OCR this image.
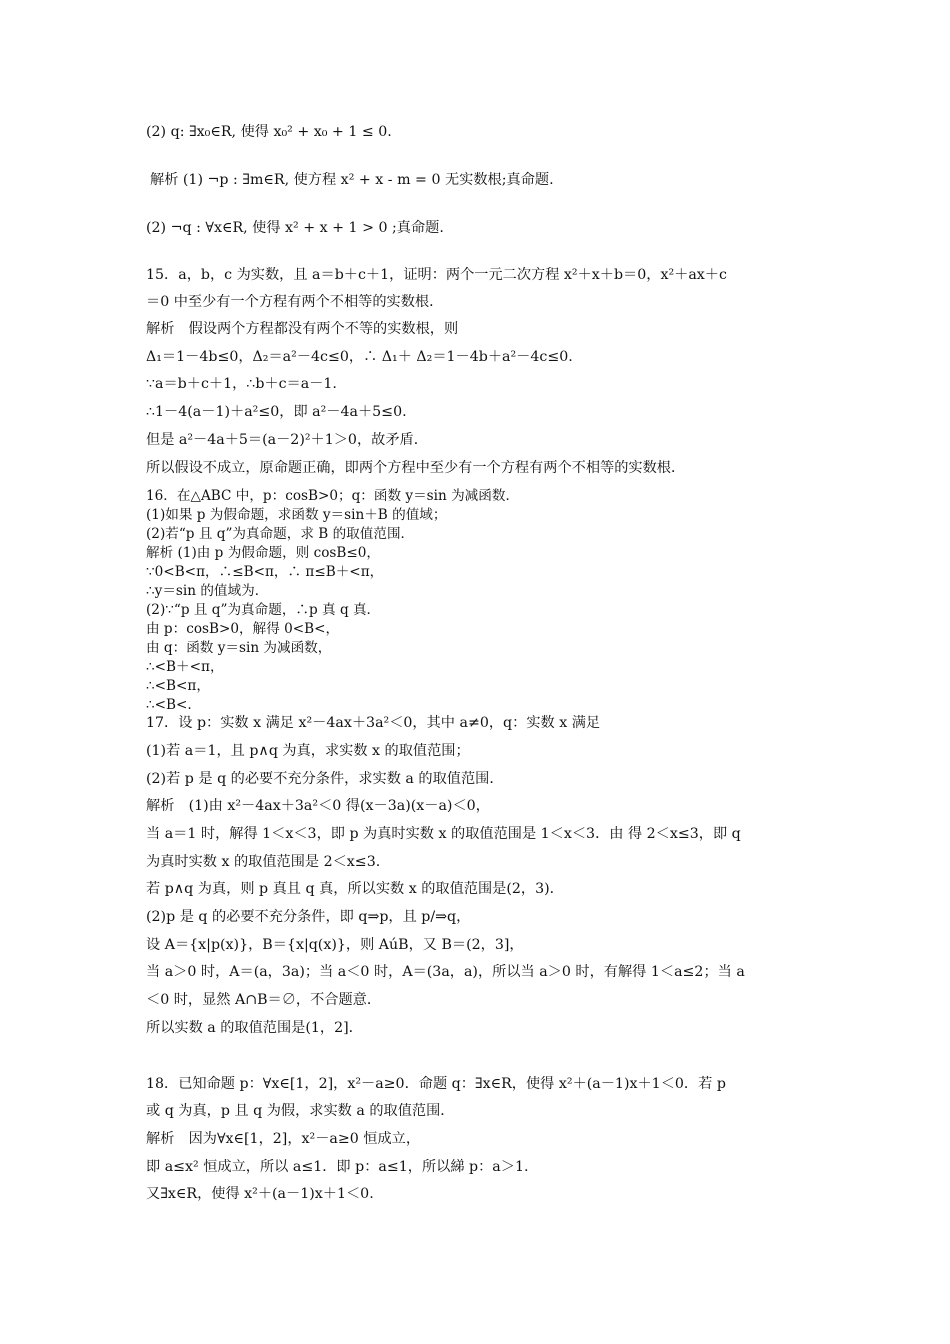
(2) q: ∃x₀∈R, 使得 x₀² + x₀ + 1 ≤ 0.
解析 (1) ¬p : ∃m∈R, 使方程 x² + x - m = 0 无实数根;真命题.
(2) ¬q : ∀x∈R, 使得 x² + x + 1 > 0 ;真命题.
15．a，b，c 为实数，且 a＝b＋c＋1，证明：两个一元二次方程 x²＋x＋b＝0，x²＋ax＋c
＝0 中至少有一个方程有两个不相等的实数根．
解析　假设两个方程都没有两个不等的实数根，则
Δ₁＝1－4b≤0，Δ₂＝a²－4c≤0，∴ Δ₁＋ Δ₂＝1－4b＋a²－4c≤0.
∵a＝b＋c＋1，∴b＋c＝a－1.
∴1－4(a－1)＋a²≤0，即 a²－4a＋5≤0.
但是 a²－4a＋5＝(a－2)²＋1＞0，故矛盾．
所以假设不成立，原命题正确，即两个方程中至少有一个方程有两个不相等的实数根．
16．在△ABC 中，p：cosB>0；q：函数 y＝sin 为减函数．
(1)如果 p 为假命题，求函数 y＝sin＋B 的值域；
(2)若“p 且 q”为真命题，求 B 的取值范围．
解析 (1)由 p 为假命题，则 cosB≤0，
∵0<B<π，∴≤B<π，∴ π≤B＋<π，
∴y＝sin 的值域为．
(2)∵“p 且 q”为真命题，∴p 真 q 真．
由 p：cosB>0，解得 0<B<，
由 q：函数 y＝sin 为减函数，
∴<B＋<π，
∴<B<π，
∴<B<.
17．设 p：实数 x 满足 x²－4ax＋3a²＜0，其中 a≠0，q：实数 x 满足
(1)若 a＝1，且 p∧q 为真，求实数 x 的取值范围；
(2)若 p 是 q 的必要不充分条件，求实数 a 的取值范围．
解析　(1)由 x²－4ax＋3a²＜0 得(x－3a)(x－a)＜0，
当 a＝1 时，解得 1＜x＜3，即 p 为真时实数 x 的取值范围是 1＜x＜3．由 得 2＜x≤3，即 q
为真时实数 x 的取值范围是 2＜x≤3.
若 p∧q 为真，则 p 真且 q 真，所以实数 x 的取值范围是(2，3)．
(2)p 是 q 的必要不充分条件，即 q⇒p，且 p/⇒q，
设 A＝{x|p(x)}，B＝{x|q(x)}，则 AúB，又 B＝(2，3]，
当 a＞0 时，A＝(a，3a)；当 a＜0 时，A＝(3a，a)，所以当 a＞0 时，有解得 1＜a≤2；当 a
＜0 时，显然 A∩B＝∅，不合题意．
所以实数 a 的取值范围是(1，2]．
18．已知命题 p：∀x∈[1，2]，x²－a≥0．命题 q：∃x∈R，使得 x²＋(a－1)x＋1＜0．若 p
或 q 为真，p 且 q 为假，求实数 a 的取值范围．
解析　因为∀x∈[1，2]，x²－a≥0 恒成立，
即 a≤x² 恒成立，所以 a≤1．即 p：a≤1，所以綈 p：a＞1.
又∃x∈R，使得 x²＋(a－1)x＋1＜0.
